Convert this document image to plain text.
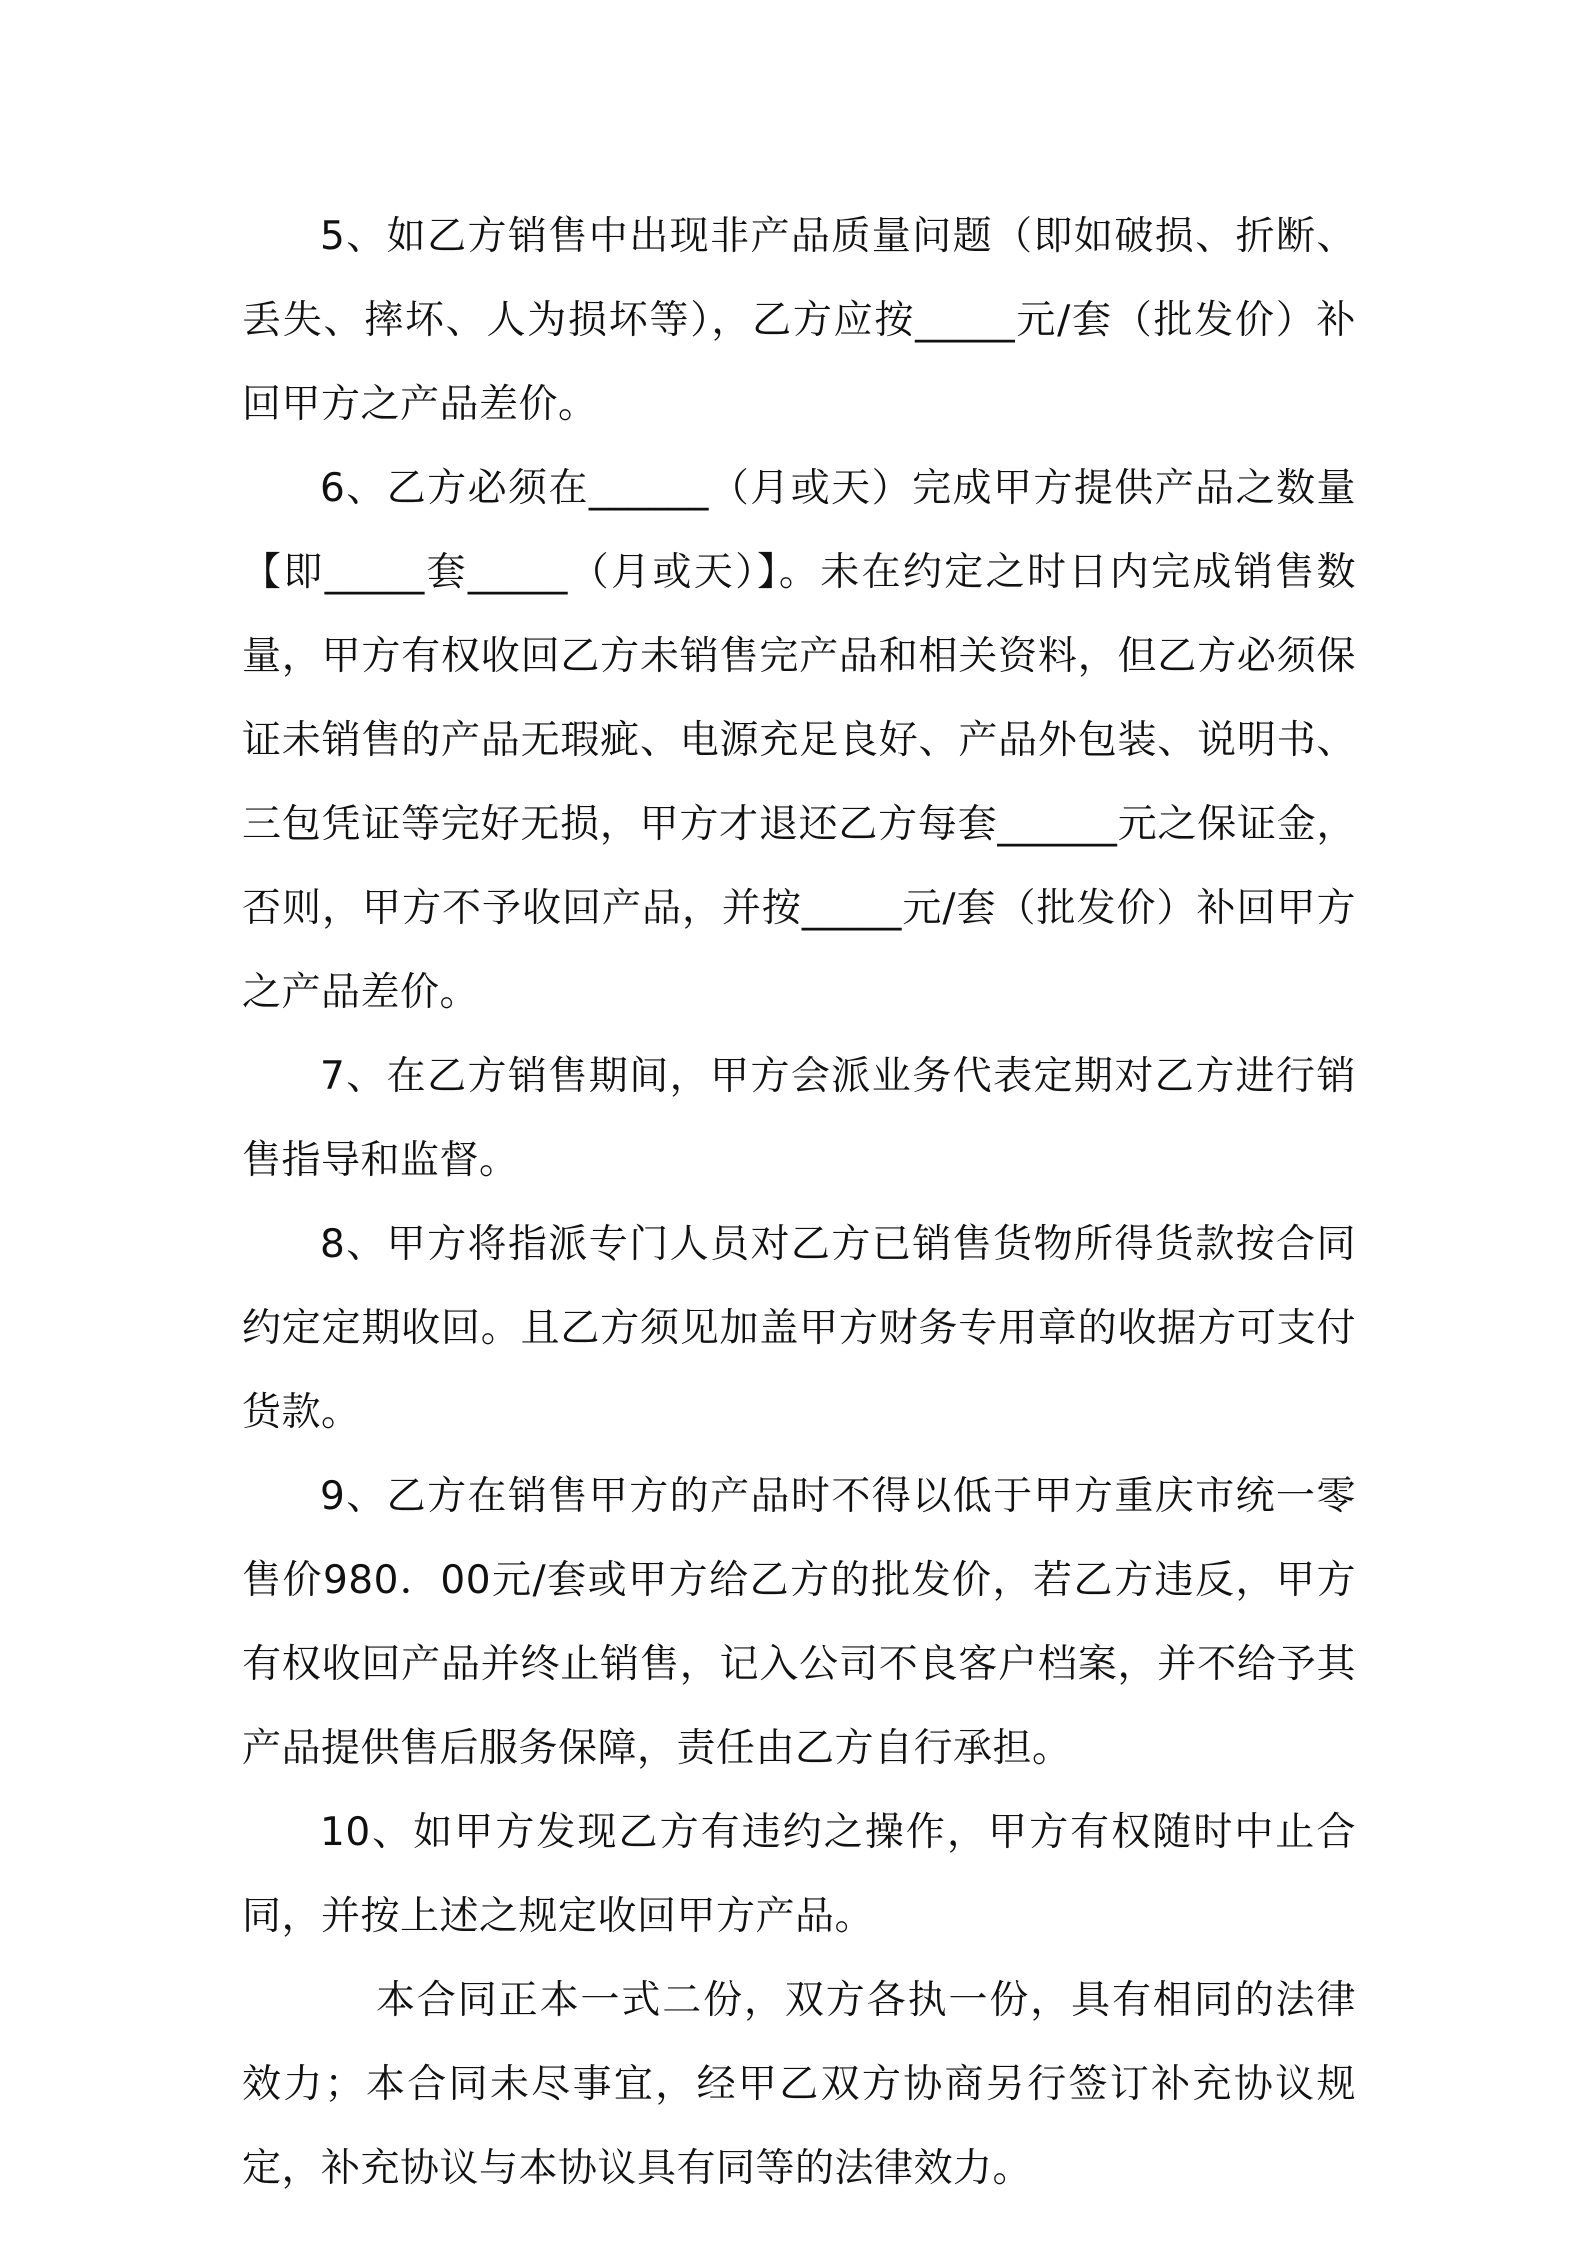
5、如乙方销售中出现非产品质量问题（即如破损、折断、丢失、摔坏、人为损坏等），乙方应按_____元/套（批发价）补回甲方之产品差价。

6、乙方必须在______（月或天）完成甲方提供产品之数量【即_____套_____（月或天）】。未在约定之时日内完成销售数量，甲方有权收回乙方未销售完产品和相关资料，但乙方必须保证未销售的产品无瑕疵、电源充足良好、产品外包装、说明书、三包凭证等完好无损，甲方才退还乙方每套______元之保证金，否则，甲方不予收回产品，并按_____元/套（批发价）补回甲方之产品差价。

7、在乙方销售期间，甲方会派业务代表定期对乙方进行销售指导和监督。

8、甲方将指派专门人员对乙方已销售货物所得货款按合同约定定期收回。且乙方须见加盖甲方财务专用章的收据方可支付货款。

9、乙方在销售甲方的产品时不得以低于甲方重庆市统一零售价980．00元/套或甲方给乙方的批发价，若乙方违反，甲方有权收回产品并终止销售，记入公司不良客户档案，并不给予其产品提供售后服务保障，责任由乙方自行承担。

10、如甲方发现乙方有违约之操作，甲方有权随时中止合同，并按上述之规定收回甲方产品。

本合同正本一式二份，双方各执一份，具有相同的法律效力；本合同未尽事宜，经甲乙双方协商另行签订补充协议规定，补充协议与本协议具有同等的法律效力。
